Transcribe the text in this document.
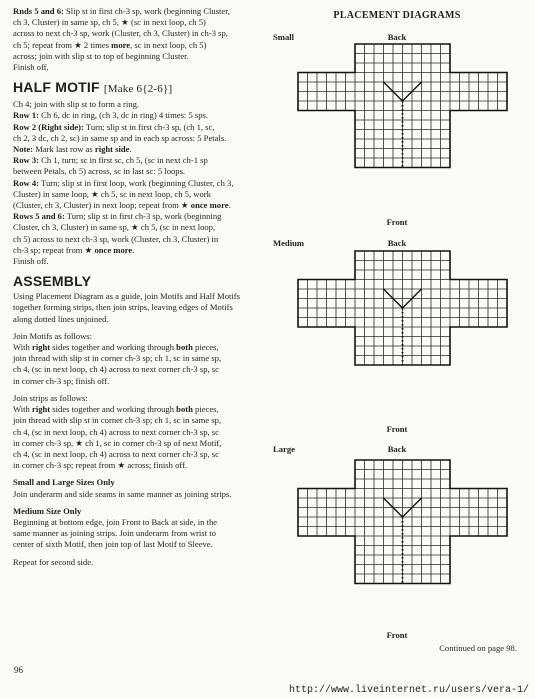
Rnds 5 and 6: Slip st in first ch-3 sp, work (beginning Cluster,

ch 3, Cluster) in same sp, ch 5, ★ (sc in next loop, ch 5)

across to next ch-3 sp, work (Cluster, ch 3, Cluster) in ch-3 sp,

ch 5; repeat from ★ 2 times more, sc in next loop, ch 5)

across; join with slip st to top of beginning Cluster.

Finish off.

HALF MOTIF [Make 6{2-6}]

Ch 4; join with slip st to form a ring.

Row 1: Ch 6, dc in ring, (ch 3, dc in ring) 4 times: 5 sps.

Row 2 (Right side): Turn; slip st in first ch-3 sp, (ch 1, sc,

ch 2, 3 dc, ch 2, sc) in same sp and in each sp across: 5 Petals.

Note: Mark last row as right side.

Row 3: Ch 1, turn; sc in first sc, ch 5, (sc in next ch-1 sp

between Petals, ch 5) across, sc in last sc: 5 loops.

Row 4: Turn; slip st in first loop, work (beginning Cluster, ch 3,

Cluster) in same loop, ★ ch 5, sc in next loop, ch 5, work

(Cluster, ch 3, Cluster) in next loop; repeat from ★ once more.

Rows 5 and 6: Turn; slip st in first ch-3 sp, work (beginning

Cluster, ch 3, Cluster) in same sp, ★ ch 5, (sc in next loop,

ch 5) across to next ch-3 sp, work (Cluster, ch 3, Cluster) in

ch-3 sp; repeat from ★ once more.

Finish off.

ASSEMBLY

Using Placement Diagram as a guide, join Motifs and Half Motifs

together forming strips, then join strips, leaving edges of Motifs

along dotted lines unjoined.

Join Motifs as follows:

With right sides together and working through both pieces,

join thread with slip st in corner ch-3 sp; ch 1, sc in same sp,

ch 4, (sc in next loop, ch 4) across to next corner ch-3 sp, sc

in corner ch-3 sp; finish off.

Join strips as follows:

With right sides together and working through both pieces,

join thread with slip st in corner ch-3 sp; ch 1, sc in same sp,

ch 4, (sc in next loop, ch 4) across to next corner ch-3 sp, sc

in corner ch-3 sp, ★ ch 1, sc in corner ch-3 sp of next Motif,

ch 4, (sc in next loop, ch 4) across to next corner ch-3 sp, sc

in corner ch-3 sp; repeat from ★ across; finish off.

Small and Large Sizes Only

Join underarm and side seams in same manner as joining strips.

Medium Size Only

Beginning at bottom edge, join Front to Back at side, in the

same manner as joining strips. Join underarm from wrist to

center of sixth Motif, then join top of last Motif to Sleeve.

Repeat for second side.

PLACEMENT DIAGRAMS
Small	Back
Front
Medium	Back
Front
Large	Back
Front
Continued on page 98.
96
http://www.liveinternet.ru/users/vera-1/
